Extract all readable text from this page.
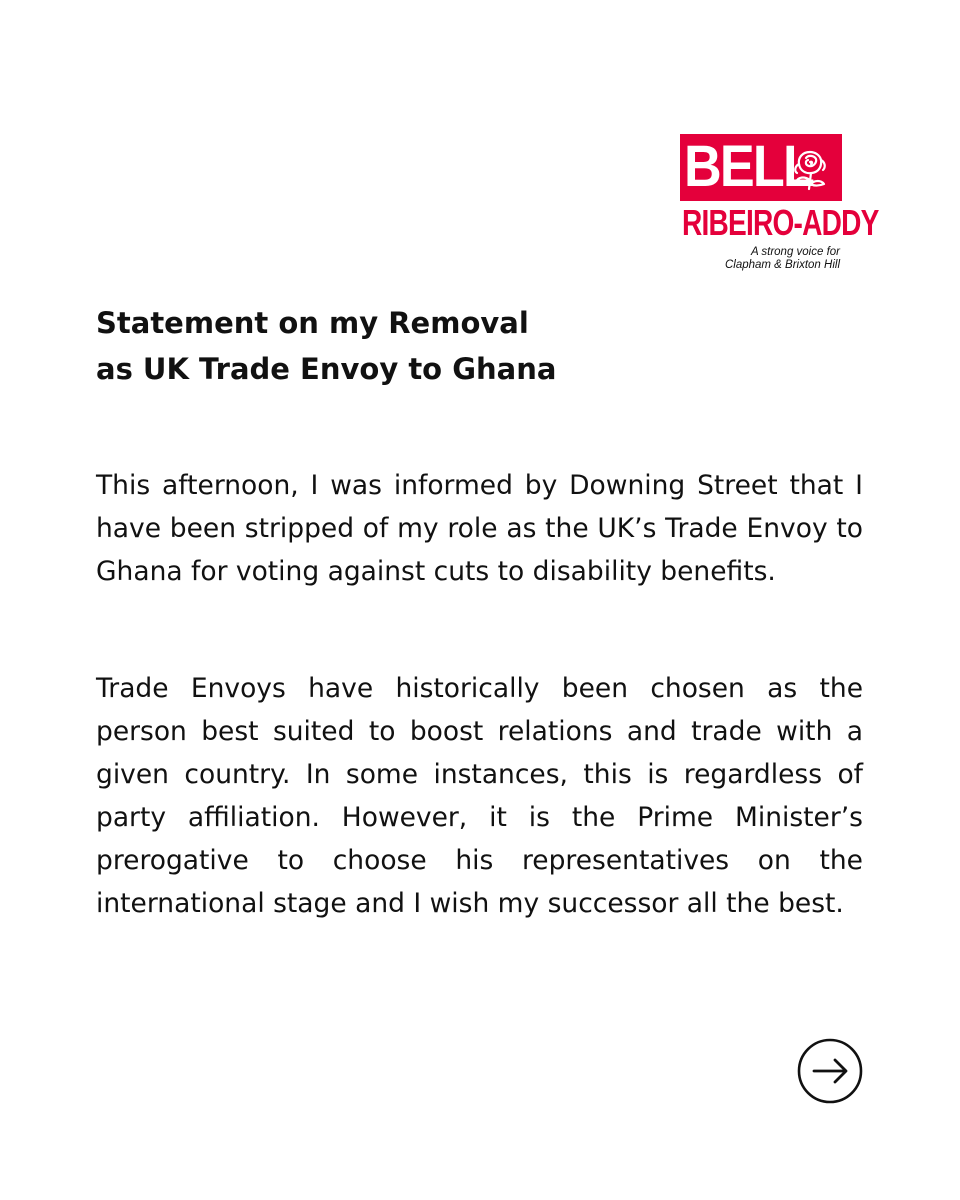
BELL
RIBEIRO-ADDY
A strong voice for
Clapham & Brixton Hill
Statement on my Removal
as UK Trade Envoy to Ghana

This afternoon, I was informed by Downing Street that I have been stripped of my role as the UK’s Trade Envoy to Ghana for voting against cuts to disability benefits.

Trade Envoys have historically been chosen as the person best suited to boost relations and trade with a given country. In some instances, this is regardless of party affiliation. However, it is the Prime Minister’s prerogative to choose his representatives on the international stage and I wish my successor all the best.
